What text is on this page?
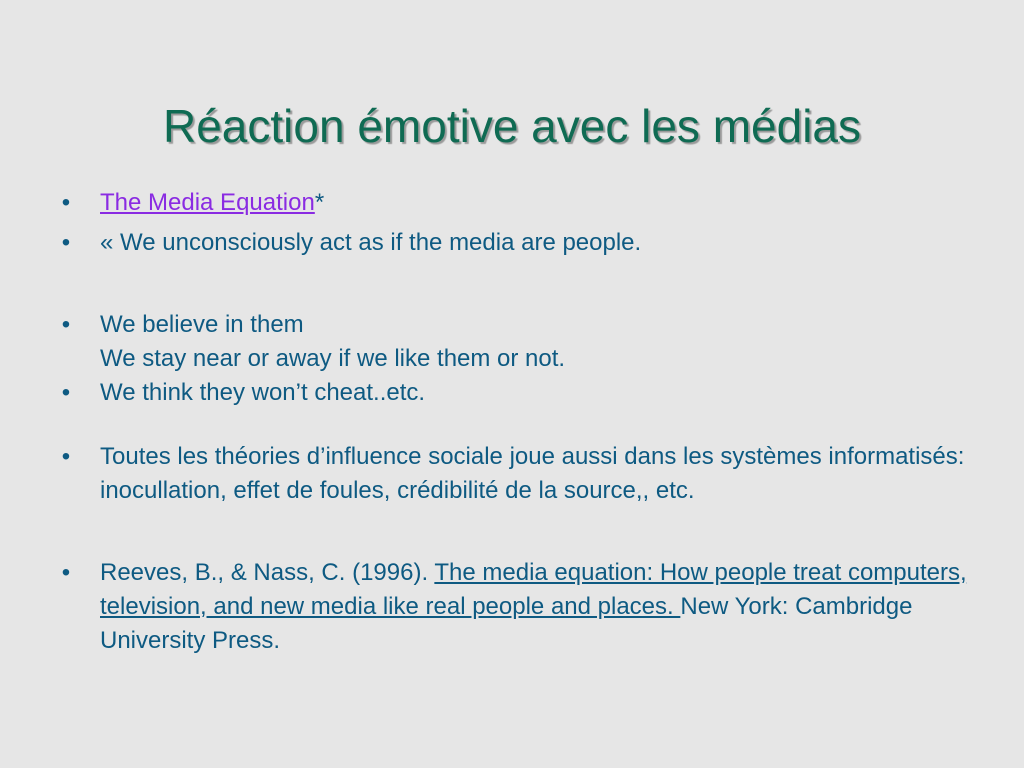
Réaction émotive avec les médias
• The Media Equation*
• « We unconsciously act as if the media are people.
• We believe in them
We stay near or away if we like them or not.
• We think they won’t cheat..etc.
• Toutes les théories d’influence sociale joue aussi dans les systèmes informatisés: inocullation, effet de foules, crédibilité de la source,, etc.
• Reeves, B., & Nass, C. (1996). The media equation: How people treat computers, television, and new media like real people and places. New York: Cambridge University Press.
